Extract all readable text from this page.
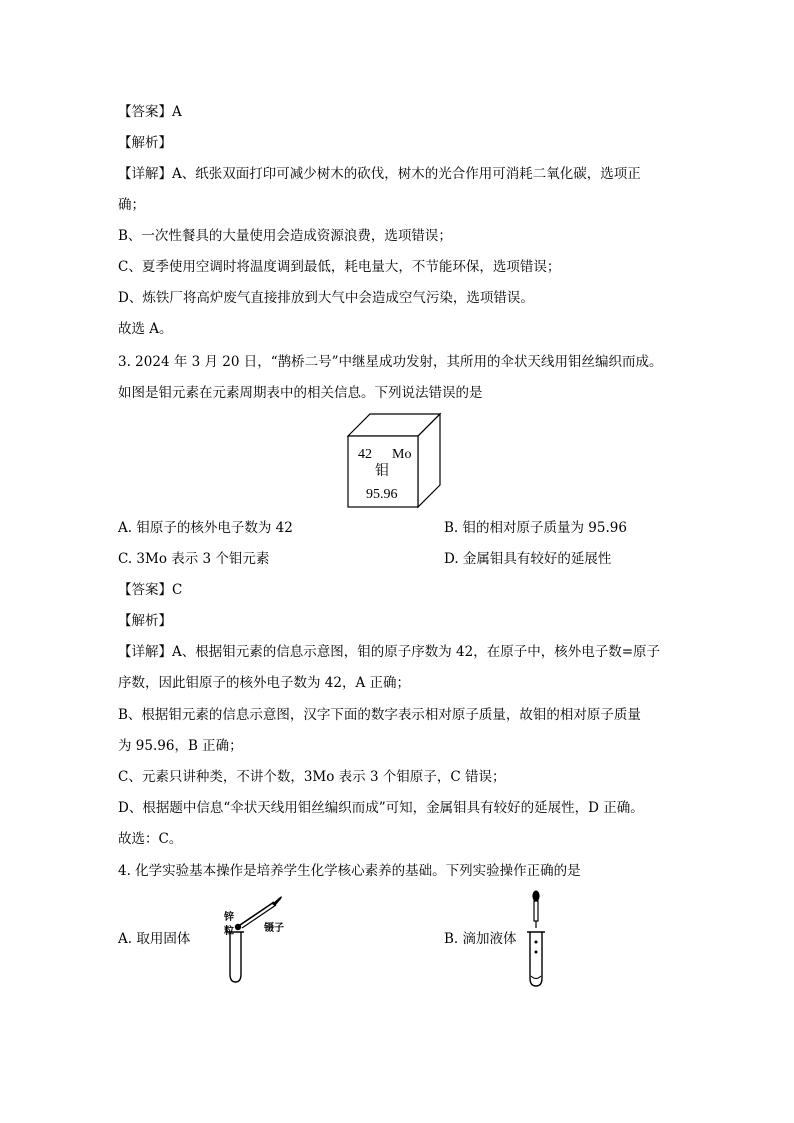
【答案】A
【解析】
【详解】A、纸张双面打印可减少树木的砍伐，树木的光合作用可消耗二氧化碳，选项正
确；
B、一次性餐具的大量使用会造成资源浪费，选项错误；
C、夏季使用空调时将温度调到最低，耗电量大，不节能环保，选项错误；
D、炼铁厂将高炉废气直接排放到大气中会造成空气污染，选项错误。
故选 A。
3. 2024 年 3 月 20 日，“鹊桥二号”中继星成功发射，其所用的伞状天线用钼丝编织而成。
如图是钼元素在元素周期表中的相关信息。下列说法错误的是
42 Mo
钼
95.96
A. 钼原子的核外电子数为 42	B. 钼的相对原子质量为 95.96
C. 3Mo 表示 3 个钼元素	D. 金属钼具有较好的延展性
【答案】C
【解析】
【详解】A、根据钼元素的信息示意图，钼的原子序数为 42，在原子中，核外电子数=原子
序数，因此钼原子的核外电子数为 42，A 正确；
B、根据钼元素的信息示意图，汉字下面的数字表示相对原子质量，故钼的相对原子质量
为 95.96，B 正确；
C、元素只讲种类，不讲个数，3Mo 表示 3 个钼原子，C 错误；
D、根据题中信息“伞状天线用钼丝编织而成”可知，金属钼具有较好的延展性，D 正确。
故选：C。
4. 化学实验基本操作是培养学生化学核心素养的基础。下列实验操作正确的是
A. 取用固体
锌
粒	镊子
B. 滴加液体
